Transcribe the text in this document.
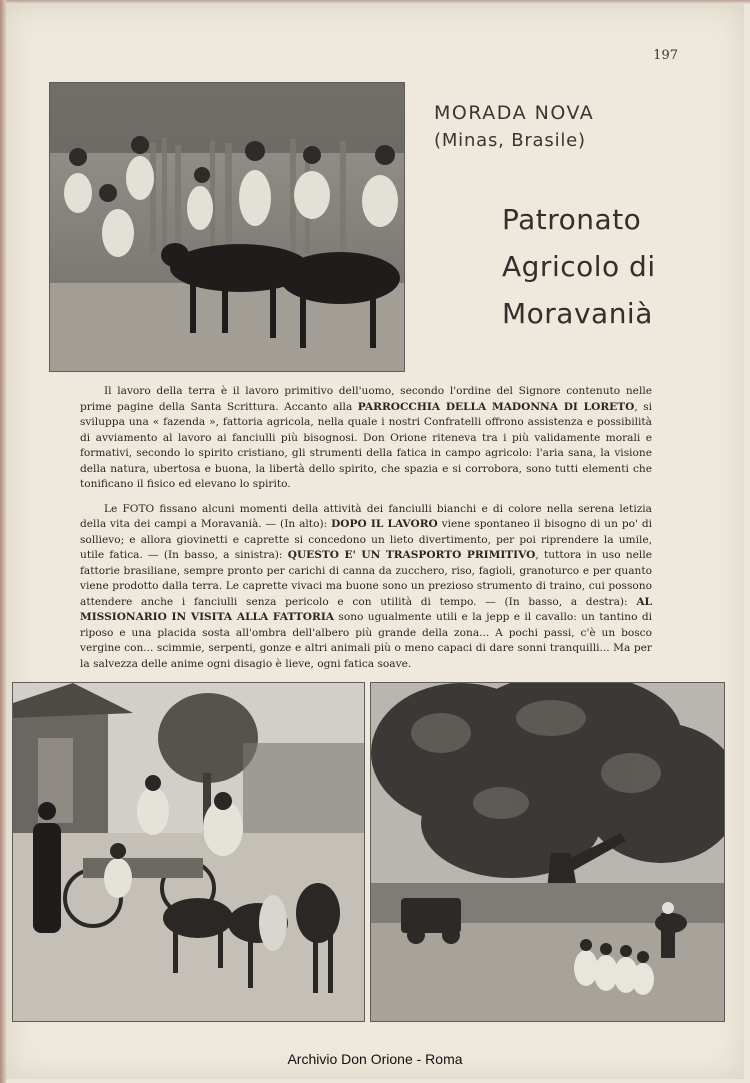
197

MORADA NOVA

(Minas, Brasile)

Patronato
Agricolo di
Moravanià

Il lavoro della terra è il lavoro primitivo dell'uomo, secondo l'ordine del Signore contenuto nelle prime pagine della Santa Scrittura. Accanto alla PARROCCHIA DELLA MADONNA DI LORETO, si sviluppa una « fazenda », fattoria agricola, nella quale i nostri Confratelli offrono assistenza e possibilità di avviamento al lavoro ai fanciulli più bisognosi. Don Orione riteneva tra i più validamente morali e formativi, secondo lo spirito cristiano, gli strumenti della fatica in campo agricolo: l'aria sana, la visione della natura, ubertosa e buona, la libertà dello spirito, che spazia e si corrobora, sono tutti elementi che tonificano il fisico ed elevano lo spirito.

Le FOTO fissano alcuni momenti della attività dei fanciulli bianchi e di colore nella serena letizia della vita dei campi a Moravanià. — (In alto): DOPO IL LAVORO viene spontaneo il bisogno di un po' di sollievo; e allora giovinetti e caprette si concedono un lieto divertimento, per poi riprendere la umile, utile fatica. — (In basso, a sinistra): QUESTO E' UN TRASPORTO PRIMITIVO, tuttora in uso nelle fattorie brasiliane, sempre pronto per carichi di canna da zucchero, riso, fagioli, granoturco e per quanto viene prodotto dalla terra. Le caprette vivaci ma buone sono un prezioso strumento di traino, cui possono attendere anche i fanciulli senza pericolo e con utilità di tempo. — (In basso, a destra): AL MISSIONARIO IN VISITA ALLA FATTORIA sono ugualmente utili e la jepp e il cavallo: un tantino di riposo e una placida sosta all'ombra dell'albero più grande della zona... A pochi passi, c'è un bosco vergine con... scimmie, serpenti, gonze e altri animali più o meno capaci di dare sonni tranquilli... Ma per la salvezza delle anime ogni disagio è lieve, ogni fatica soave.

Archivio Don Orione - Roma
